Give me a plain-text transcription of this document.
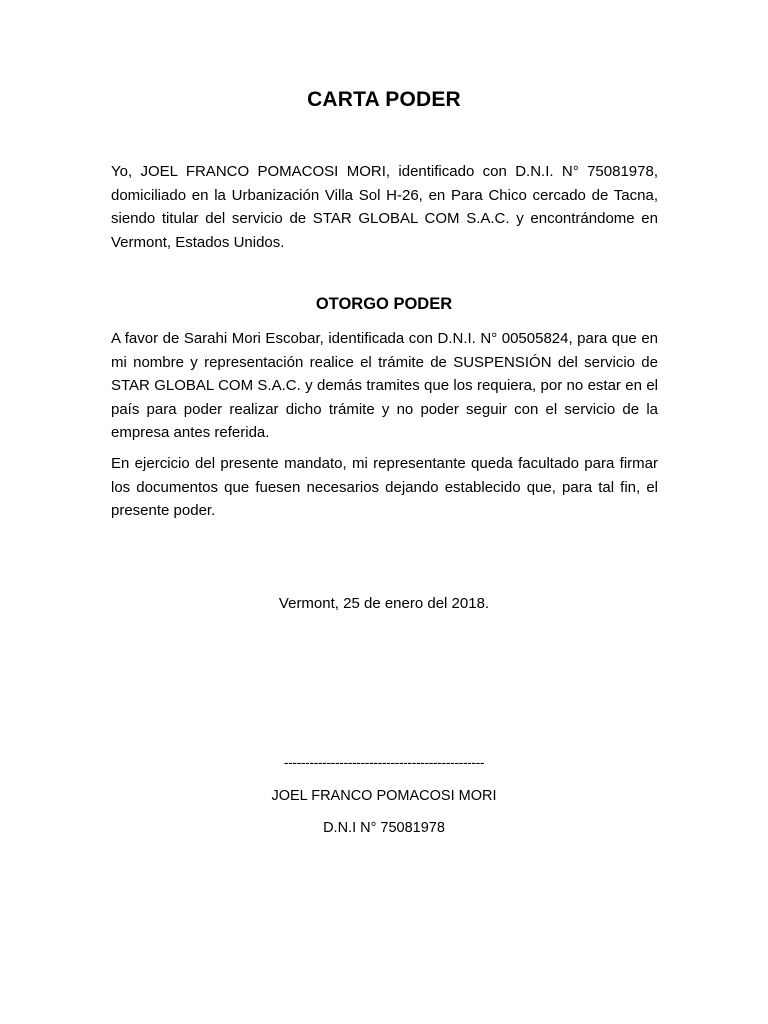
CARTA PODER

Yo, JOEL FRANCO POMACOSI MORI, identificado con D.N.I. N° 75081978, domiciliado en la Urbanización Villa Sol H-26, en Para Chico cercado de Tacna, siendo titular del servicio de STAR GLOBAL COM S.A.C. y encontrándome en Vermont, Estados Unidos.

OTORGO PODER

A favor de Sarahi Mori Escobar, identificada con D.N.I. N° 00505824, para que en mi nombre y representación realice el trámite de SUSPENSIÓN del servicio de STAR GLOBAL COM S.A.C. y demás tramites que los requiera, por no estar en el país para poder realizar dicho trámite y no poder seguir con el servicio de la empresa antes referida.

En ejercicio del presente mandato, mi representante queda facultado para firmar los documentos que fuesen necesarios dejando establecido que, para tal fin, el presente poder.

Vermont, 25 de enero del 2018.
-----------------------------------------------
JOEL FRANCO POMACOSI MORI
D.N.I N° 75081978
